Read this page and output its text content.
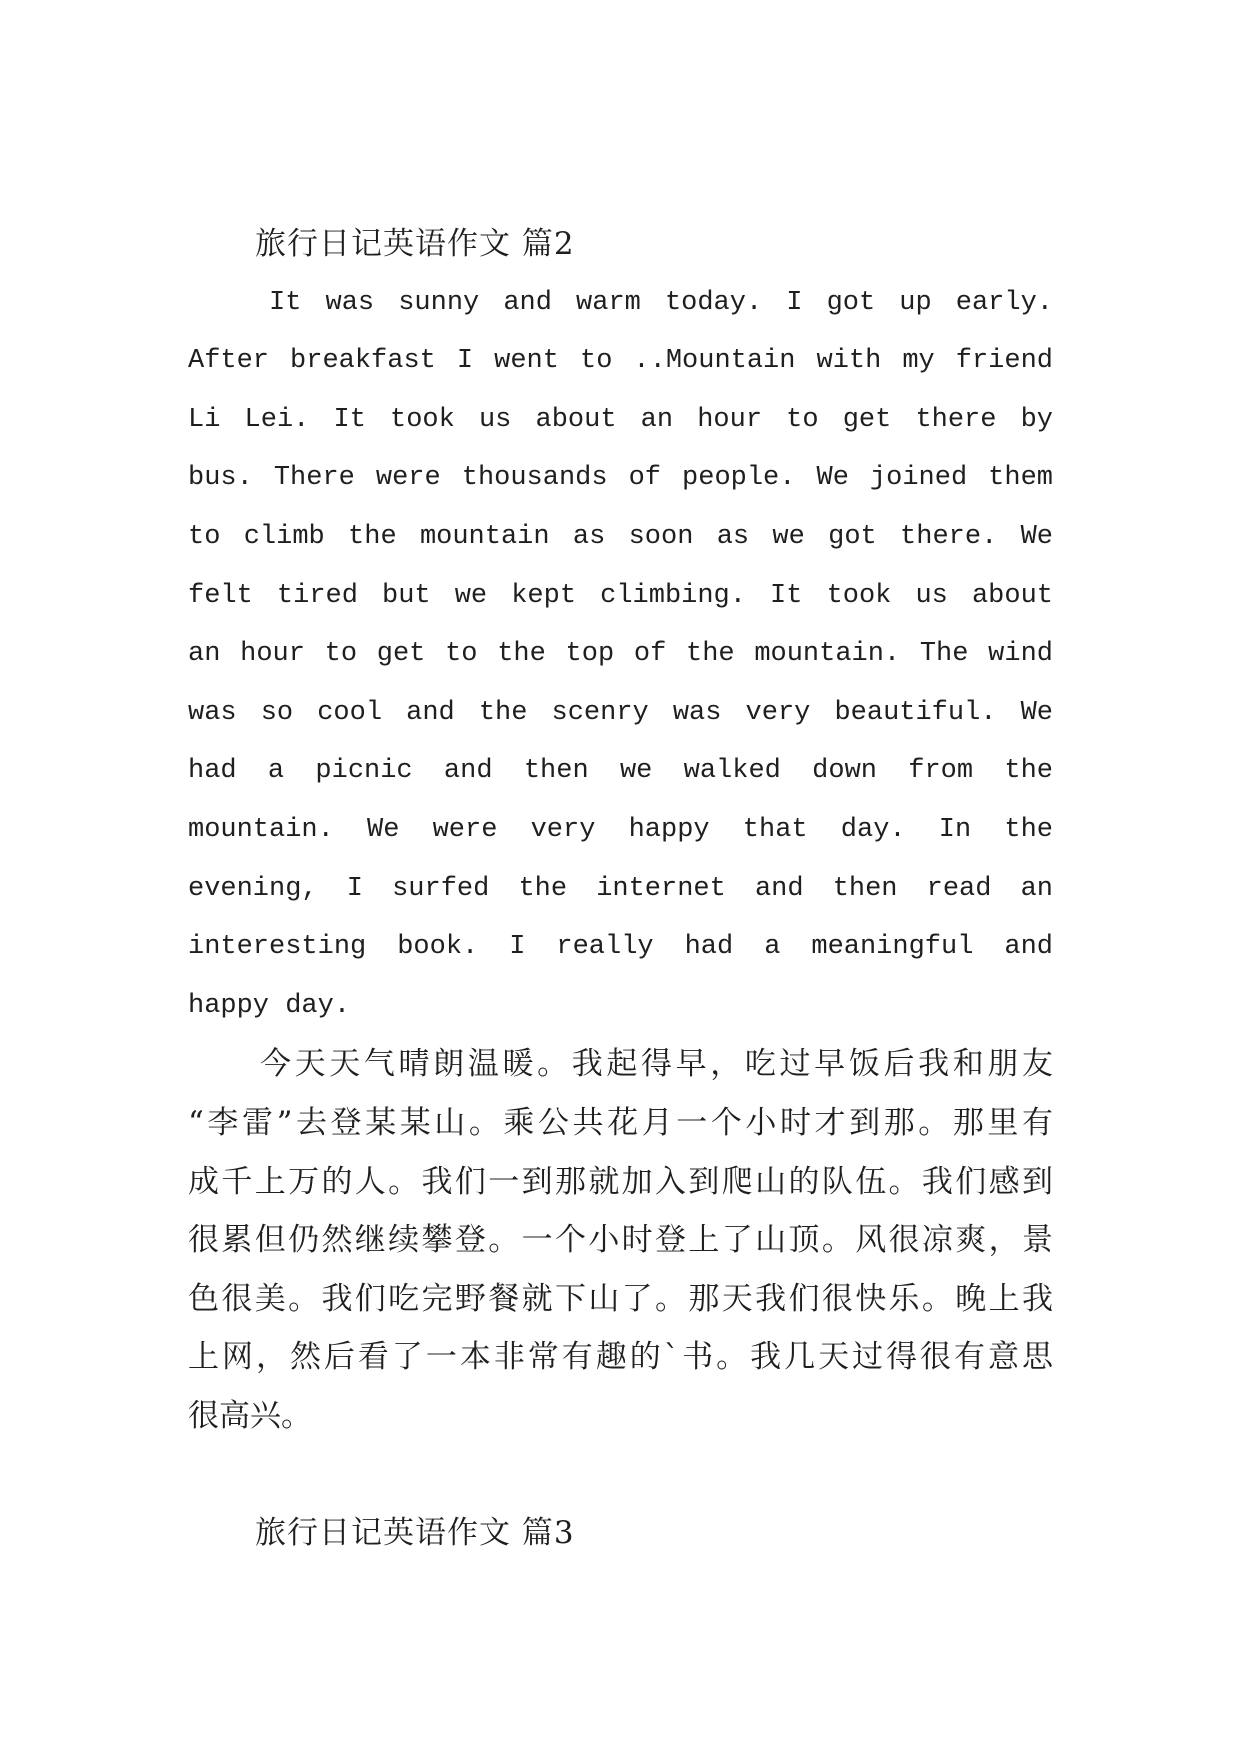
旅行日记英语作文 篇2
It was sunny and warm today. I got up early.
After breakfast I went to ..Mountain with my friend
Li Lei. It took us about an hour to get there by
bus. There were thousands of people. We joined them
to climb the mountain as soon as we got there. We
felt tired but we kept climbing. It took us about
an hour to get to the top of the mountain. The wind
was so cool and the scenry was very beautiful. We
had a picnic and then we walked down from the
mountain. We were very happy that day. In the
evening, I surfed the internet and then read an
interesting book. I really had a meaningful and
happy day.
今天天气晴朗温暖。我起得早，吃过早饭后我和朋友
“李雷”去登某某山。乘公共花月一个小时才到那。那里有
成千上万的人。我们一到那就加入到爬山的队伍。我们感到
很累但仍然继续攀登。一个小时登上了山顶。风很凉爽，景
色很美。我们吃完野餐就下山了。那天我们很快乐。晚上我
上网，然后看了一本非常有趣的`书。我几天过得很有意思
很高兴。
旅行日记英语作文 篇3
